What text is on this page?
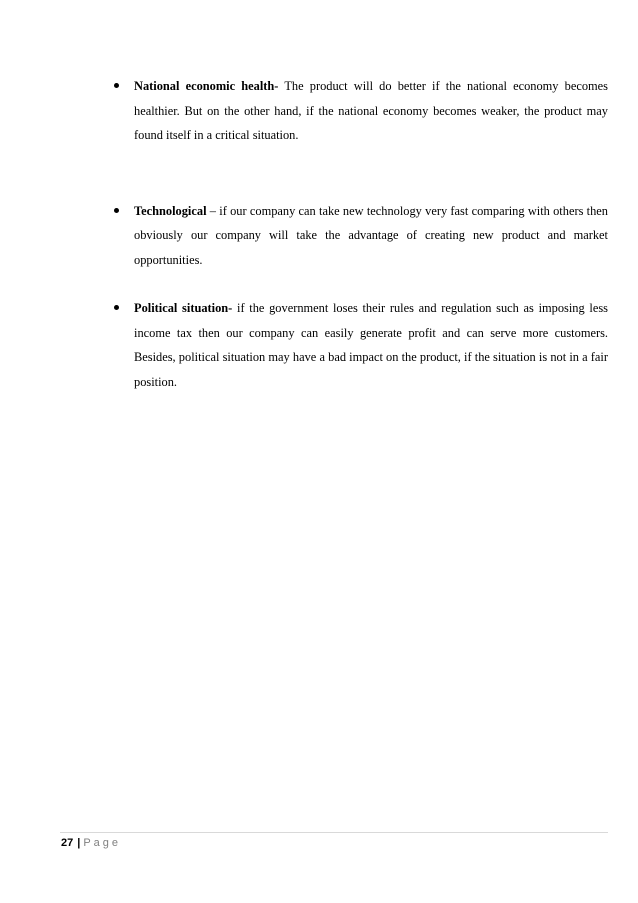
National economic health- The product will do better if the national economy becomes healthier. But on the other hand, if the national economy becomes weaker, the product may found itself in a critical situation.
Technological – if our company can take new technology very fast comparing with others then obviously our company will take the advantage of creating new product and market opportunities.
Political situation- if the government loses their rules and regulation such as imposing less income tax then our company can easily generate profit and can serve more customers. Besides, political situation may have a bad impact on the product, if the situation is not in a fair position.
27 | Page
